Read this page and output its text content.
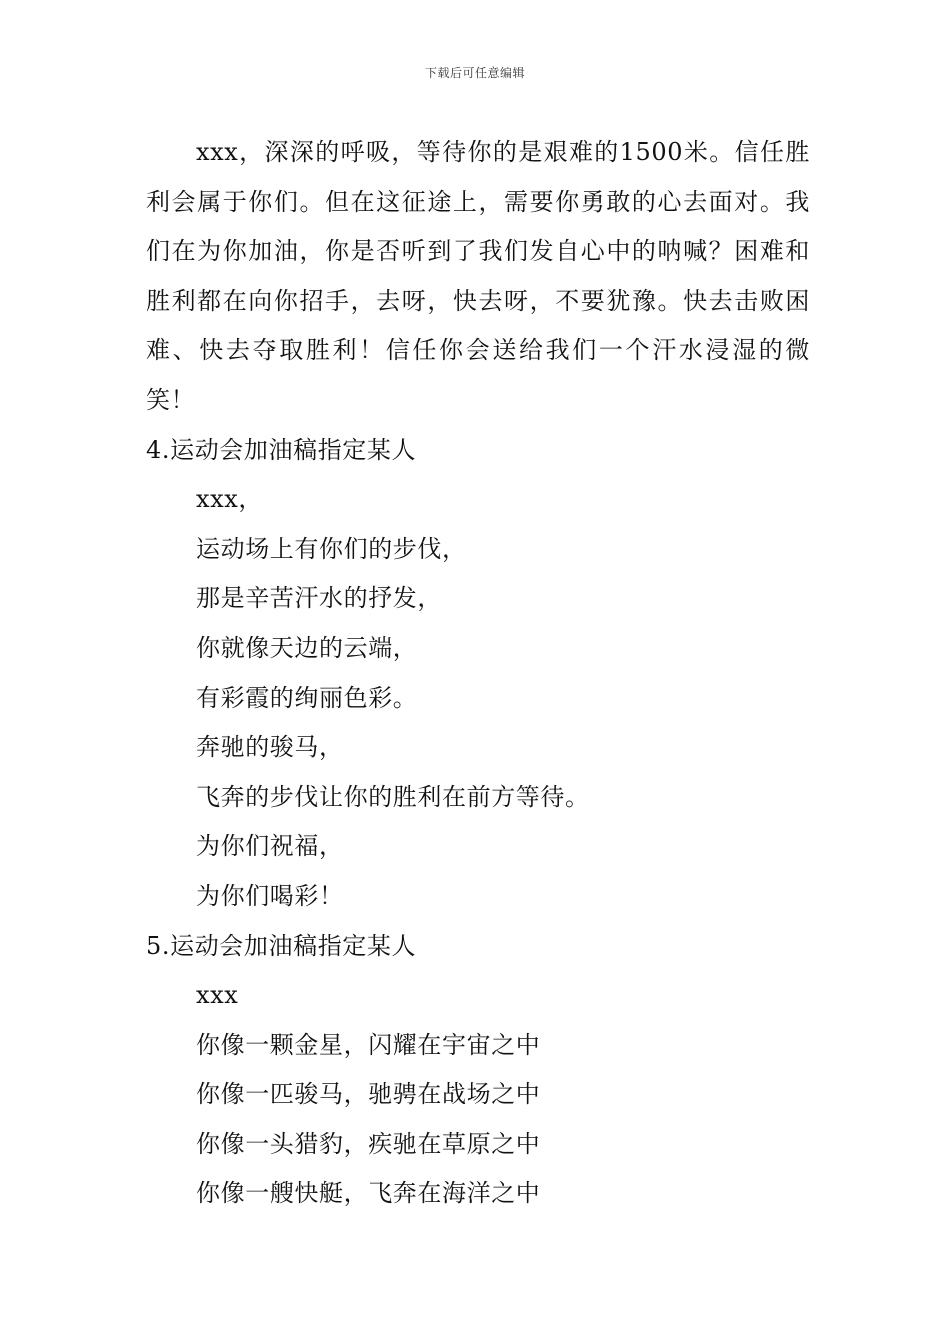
下载后可任意编辑

xxx，深深的呼吸，等待你的是艰难的1500米。信任胜利会属于你们。但在这征途上，需要你勇敢的心去面对。我们在为你加油，你是否听到了我们发自心中的呐喊？困难和胜利都在向你招手，去呀，快去呀，不要犹豫。快去击败困难、快去夺取胜利！信任你会送给我们一个汗水浸湿的微笑！

4.运动会加油稿指定某人

xxx，

运动场上有你们的步伐，

那是辛苦汗水的抒发，

你就像天边的云端，

有彩霞的绚丽色彩。

奔驰的骏马，

飞奔的步伐让你的胜利在前方等待。

为你们祝福，

为你们喝彩！

5.运动会加油稿指定某人

xxx

你像一颗金星，闪耀在宇宙之中

你像一匹骏马，驰骋在战场之中

你像一头猎豹，疾驰在草原之中

你像一艘快艇，飞奔在海洋之中
